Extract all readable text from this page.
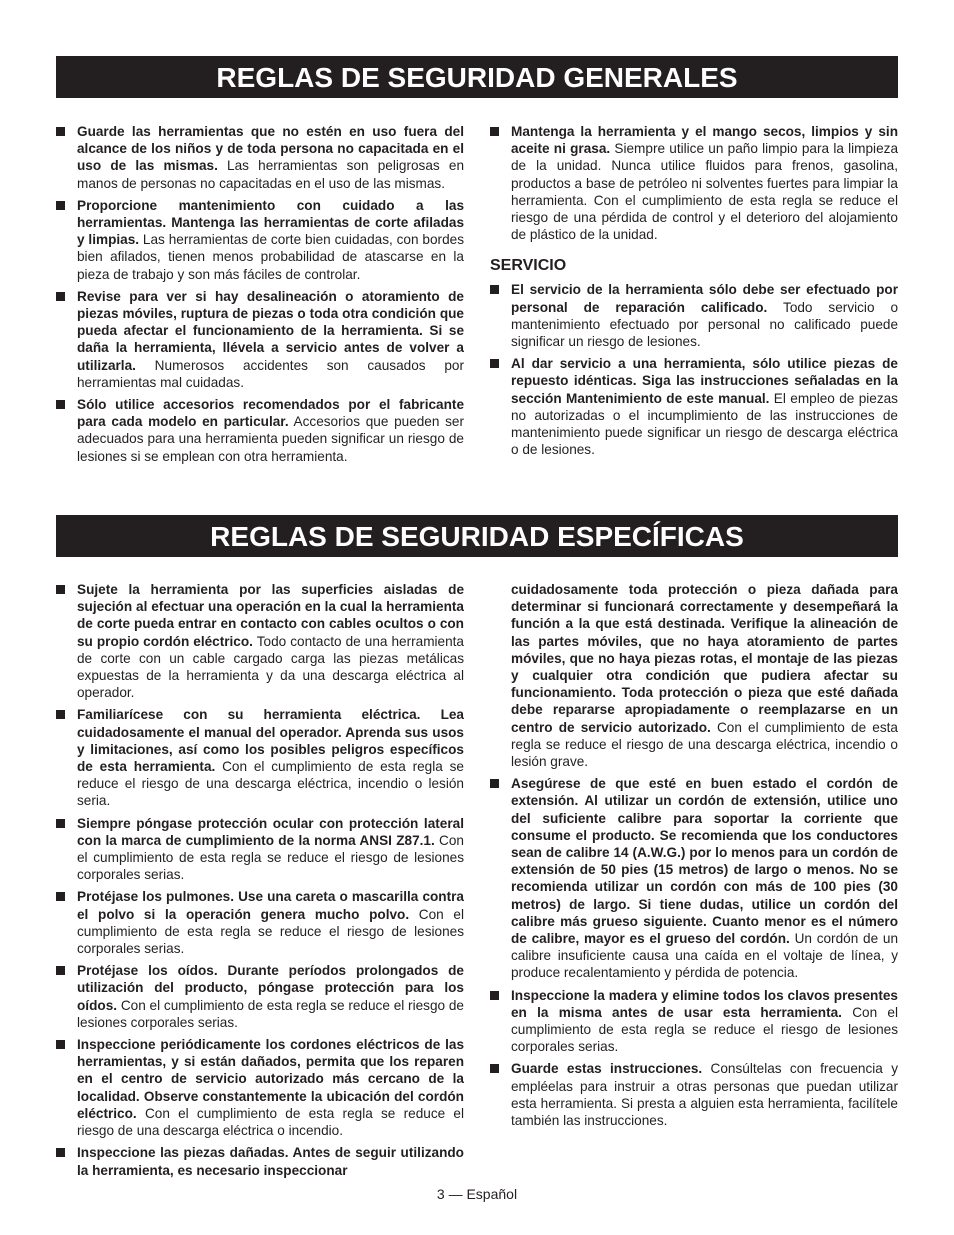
REGLAS DE SEGURIDAD GENERALES
Guarde las herramientas que no estén en uso fuera del alcance de los niños y de toda persona no capacitada en el uso de las mismas. Las herramientas son peligrosas en manos de personas no capacitadas en el uso de las mismas.
Proporcione mantenimiento con cuidado a las herramientas. Mantenga las herramientas de corte afiladas y limpias. Las herramientas de corte bien cuidadas, con bordes bien afilados, tienen menos probabilidad de atascarse en la pieza de trabajo y son más fáciles de controlar.
Revise para ver si hay desalineación o atoramiento de piezas móviles, ruptura de piezas o toda otra condición que pueda afectar el funcionamiento de la herramienta. Si se daña la herramienta, llévela a servicio antes de volver a utilizarla. Numerosos accidentes son causados por herramientas mal cuidadas.
Sólo utilice accesorios recomendados por el fabricante para cada modelo en particular. Accesorios que pueden ser adecuados para una herramienta pueden significar un riesgo de lesiones si se emplean con otra herramienta.
Mantenga la herramienta y el mango secos, limpios y sin aceite ni grasa. Siempre utilice un paño limpio para la limpieza de la unidad. Nunca utilice fluidos para frenos, gasolina, productos a base de petróleo ni solventes fuertes para limpiar la herramienta. Con el cumplimiento de esta regla se reduce el riesgo de una pérdida de control y el deterioro del alojamiento de plástico de la unidad.
SERVICIO
El servicio de la herramienta sólo debe ser efectuado por personal de reparación calificado. Todo servicio o mantenimiento efectuado por personal no calificado puede significar un riesgo de lesiones.
Al dar servicio a una herramienta, sólo utilice piezas de repuesto idénticas. Siga las instrucciones señaladas en la sección Mantenimiento de este manual. El empleo de piezas no autorizadas o el incumplimiento de las instrucciones de mantenimiento puede significar un riesgo de descarga eléctrica o de lesiones.
REGLAS DE SEGURIDAD ESPECÍFICAS
Sujete la herramienta por las superficies aisladas de sujeción al efectuar una operación en la cual la herramienta de corte pueda entrar en contacto con cables ocultos o con su propio cordón eléctrico. Todo contacto de una herramienta de corte con un cable cargado carga las piezas metálicas expuestas de la herramienta y da una descarga eléctrica al operador.
Familiarícese con su herramienta eléctrica. Lea cuidadosamente el manual del operador. Aprenda sus usos y limitaciones, así como los posibles peligros específicos de esta herramienta. Con el cumplimiento de esta regla se reduce el riesgo de una descarga eléctrica, incendio o lesión seria.
Siempre póngase protección ocular con protección lateral con la marca de cumplimiento de la norma ANSI Z87.1. Con el cumplimiento de esta regla se reduce el riesgo de lesiones corporales serias.
Protéjase los pulmones. Use una careta o mascarilla contra el polvo si la operación genera mucho polvo. Con el cumplimiento de esta regla se reduce el riesgo de lesiones corporales serias.
Protéjase los oídos. Durante períodos prolongados de utilización del producto, póngase protección para los oídos. Con el cumplimiento de esta regla se reduce el riesgo de lesiones corporales serias.
Inspeccione periódicamente los cordones eléctricos de las herramientas, y si están dañados, permita que los reparen en el centro de servicio autorizado más cercano de la localidad. Observe constantemente la ubicación del cordón eléctrico. Con el cumplimiento de esta regla se reduce el riesgo de una descarga eléctrica o incendio.
Inspeccione las piezas dañadas. Antes de seguir utilizando la herramienta, es necesario inspeccionar
cuidadosamente toda protección o pieza dañada para determinar si funcionará correctamente y desempeñará la función a la que está destinada. Verifique la alineación de las partes móviles, que no haya atoramiento de partes móviles, que no haya piezas rotas, el montaje de las piezas y cualquier otra condición que pudiera afectar su funcionamiento. Toda protección o pieza que esté dañada debe repararse apropiadamente o reemplazarse en un centro de servicio autorizado. Con el cumplimiento de esta regla se reduce el riesgo de una descarga eléctrica, incendio o lesión grave.
Asegúrese de que esté en buen estado el cordón de extensión. Al utilizar un cordón de extensión, utilice uno del suficiente calibre para soportar la corriente que consume el producto. Se recomienda que los conductores sean de calibre 14 (A.W.G.) por lo menos para un cordón de extensión de 50 pies (15 metros) de largo o menos. No se recomienda utilizar un cordón con más de 100 pies (30 metros) de largo. Si tiene dudas, utilice un cordón del calibre más grueso siguiente. Cuanto menor es el número de calibre, mayor es el grueso del cordón. Un cordón de un calibre insuficiente causa una caída en el voltaje de línea, y produce recalentamiento y pérdida de potencia.
Inspeccione la madera y elimine todos los clavos presentes en la misma antes de usar esta herramienta. Con el cumplimiento de esta regla se reduce el riesgo de lesiones corporales serias.
Guarde estas instrucciones. Consúltelas con frecuencia y empléelas para instruir a otras personas que puedan utilizar esta herramienta. Si presta a alguien esta herramienta, facilítele también las instrucciones.
3 — Español
